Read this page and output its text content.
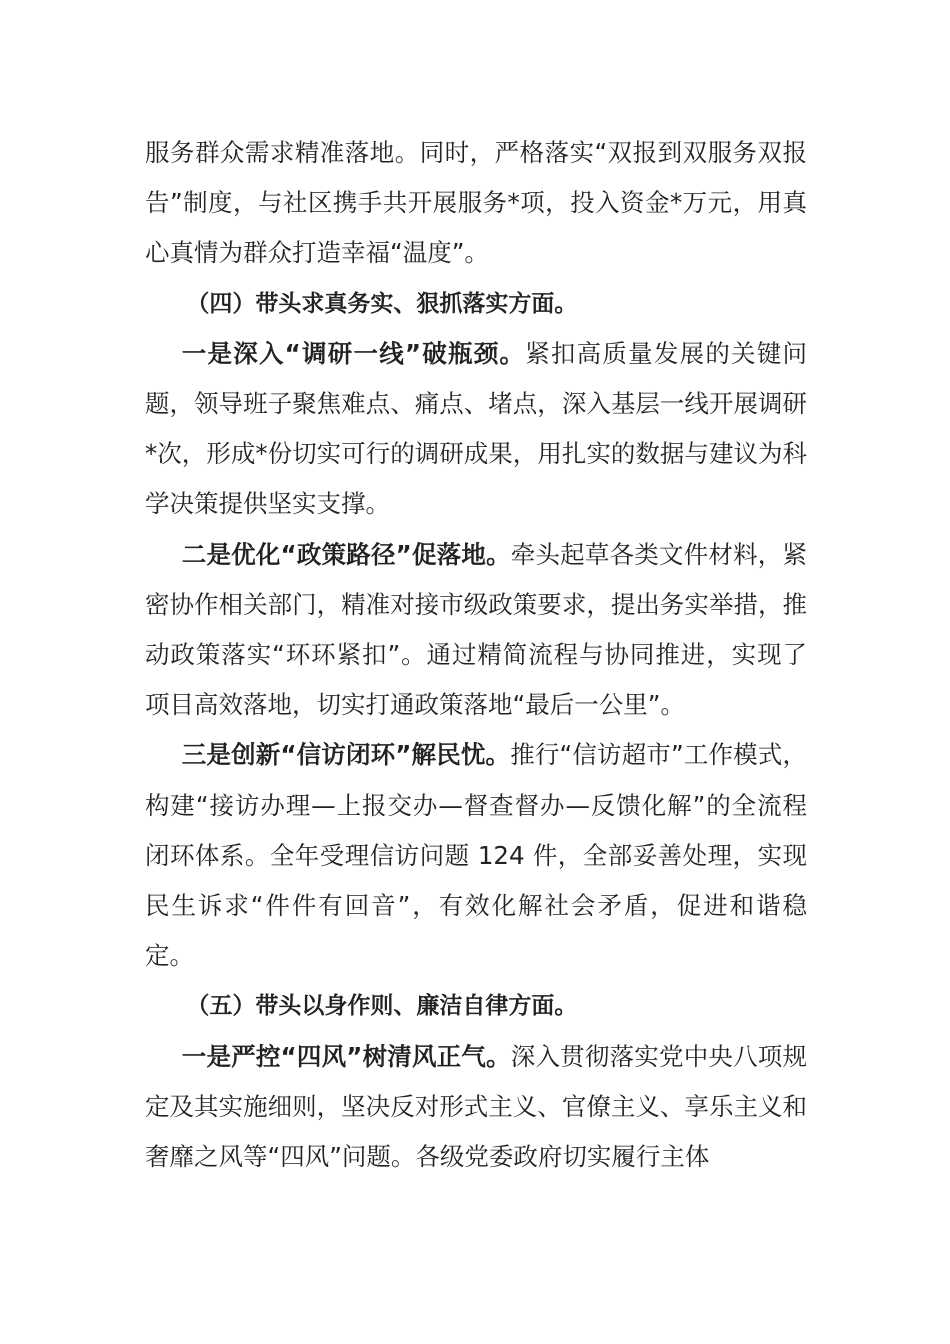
服务群众需求精准落地。同时，严格落实“双报到双服务双报告”制度，与社区携手共开展服务*项，投入资金*万元，用真心真情为群众打造幸福“温度”。

（四）带头求真务实、狠抓落实方面。

一是深入“调研一线”破瓶颈。紧扣高质量发展的关键问题，领导班子聚焦难点、痛点、堵点，深入基层一线开展调研*次，形成*份切实可行的调研成果，用扎实的数据与建议为科学决策提供坚实支撑。

二是优化“政策路径”促落地。牵头起草各类文件材料，紧密协作相关部门，精准对接市级政策要求，提出务实举措，推动政策落实“环环紧扣”。通过精简流程与协同推进，实现了项目高效落地，切实打通政策落地“最后一公里”。

三是创新“信访闭环”解民忧。推行“信访超市”工作模式，构建“接访办理—上报交办—督查督办—反馈化解”的全流程闭环体系。全年受理信访问题 124 件，全部妥善处理，实现民生诉求“件件有回音”，有效化解社会矛盾，促进和谐稳定。

（五）带头以身作则、廉洁自律方面。

一是严控“四风”树清风正气。深入贯彻落实党中央八项规定及其实施细则，坚决反对形式主义、官僚主义、享乐主义和奢靡之风等“四风”问题。各级党委政府切实履行主体
